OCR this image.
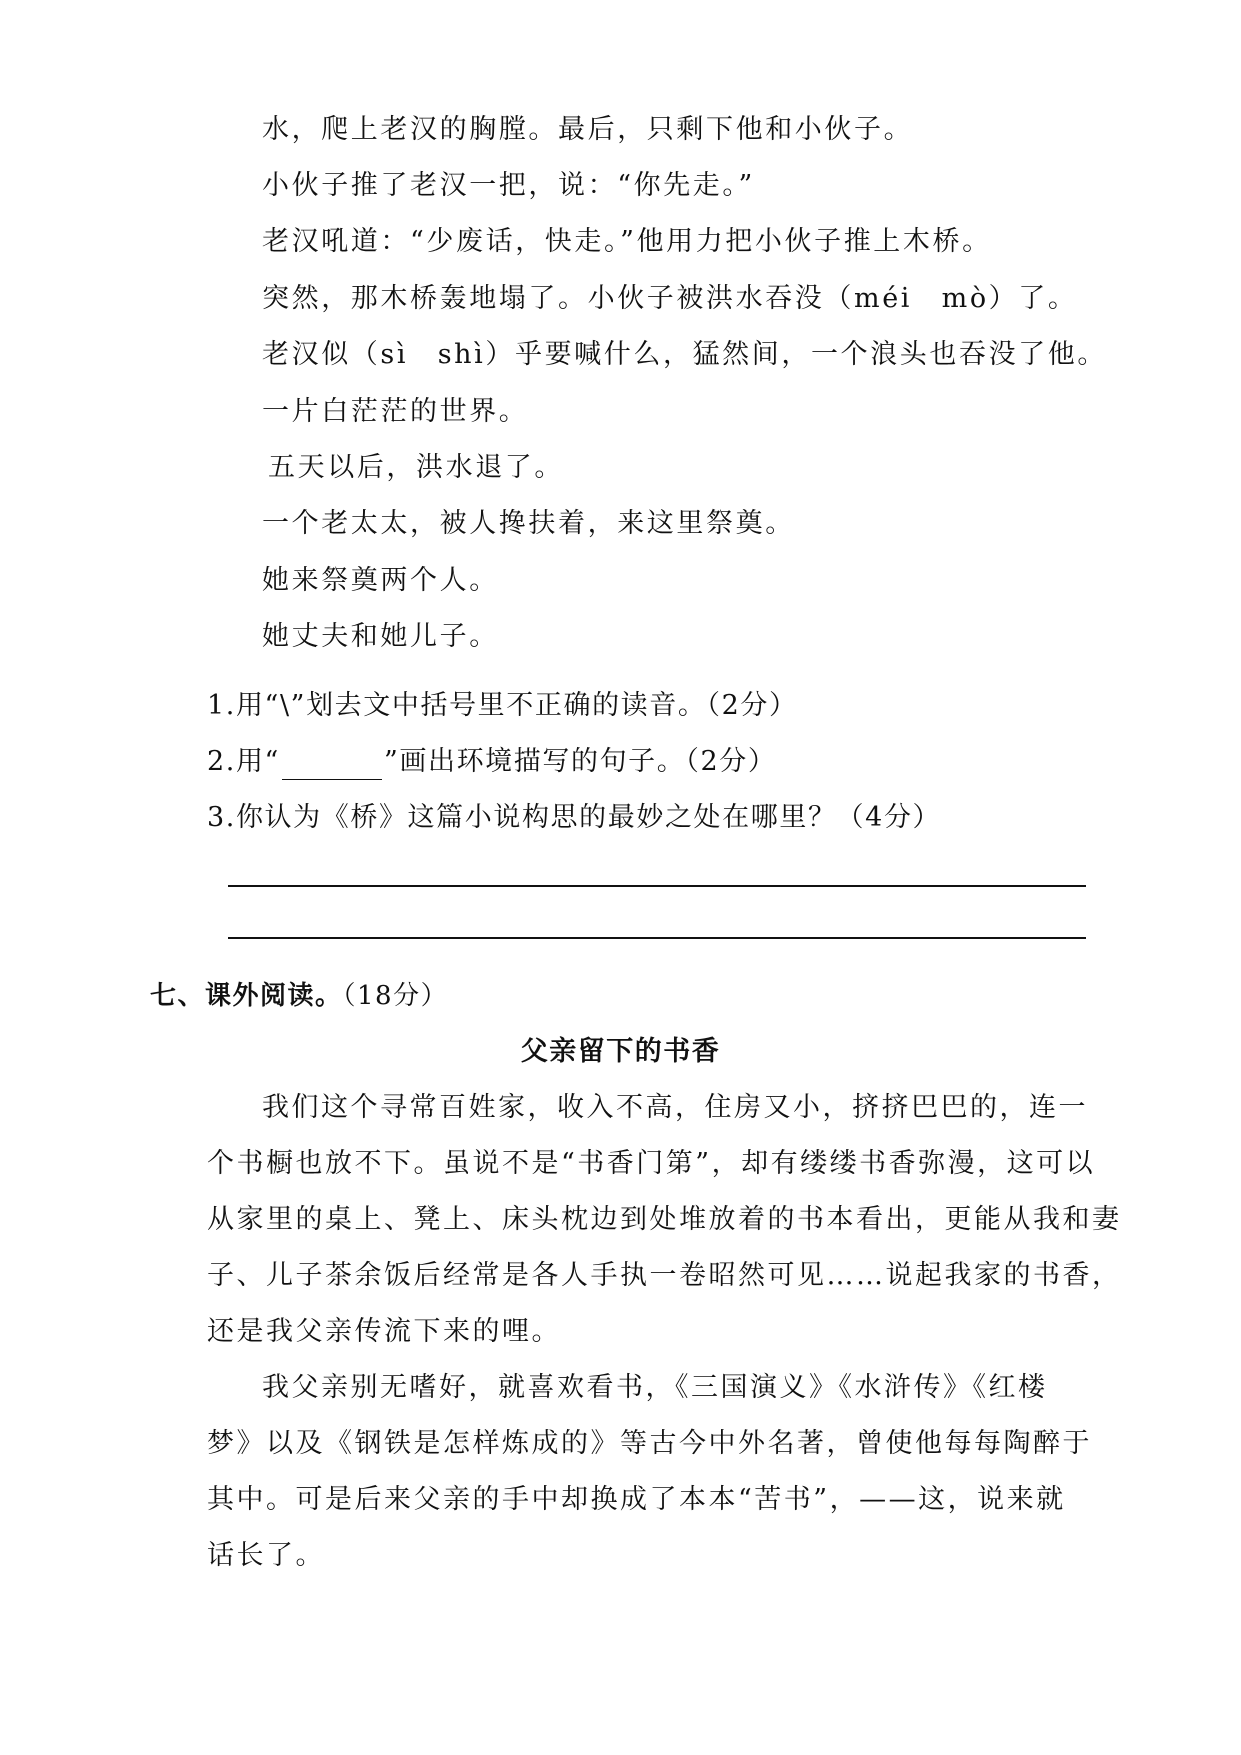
水，爬上老汉的胸膛。最后，只剩下他和小伙子。
小伙子推了老汉一把，说：“你先走。”
老汉吼道：“少废话，快走。”他用力把小伙子推上木桥。
突然，那木桥轰地塌了。小伙子被洪水吞没（méi　mò）了。
老汉似（sì　shì）乎要喊什么，猛然间，一个浪头也吞没了他。
一片白茫茫的世界。
五天以后，洪水退了。
一个老太太，被人搀扶着，来这里祭奠。
她来祭奠两个人。
她丈夫和她儿子。
1.用“\”划去文中括号里不正确的读音。（2分）
2.用“	”画出环境描写的句子。（2分）
3.你认为《桥》这篇小说构思的最妙之处在哪里？（4分）
七、课外阅读。（18分）
父亲留下的书香
我们这个寻常百姓家，收入不高，住房又小，挤挤巴巴的，连一
个书橱也放不下。虽说不是“书香门第”，却有缕缕书香弥漫，这可以
从家里的桌上、凳上、床头枕边到处堆放着的书本看出，更能从我和妻
子、儿子茶余饭后经常是各人手执一卷昭然可见……说起我家的书香，
还是我父亲传流下来的哩。
我父亲别无嗜好，就喜欢看书，《三国演义》《水浒传》《红楼
梦》以及《钢铁是怎样炼成的》等古今中外名著，曾使他每每陶醉于
其中。可是后来父亲的手中却换成了本本“苦书”，——这，说来就
话长了。
